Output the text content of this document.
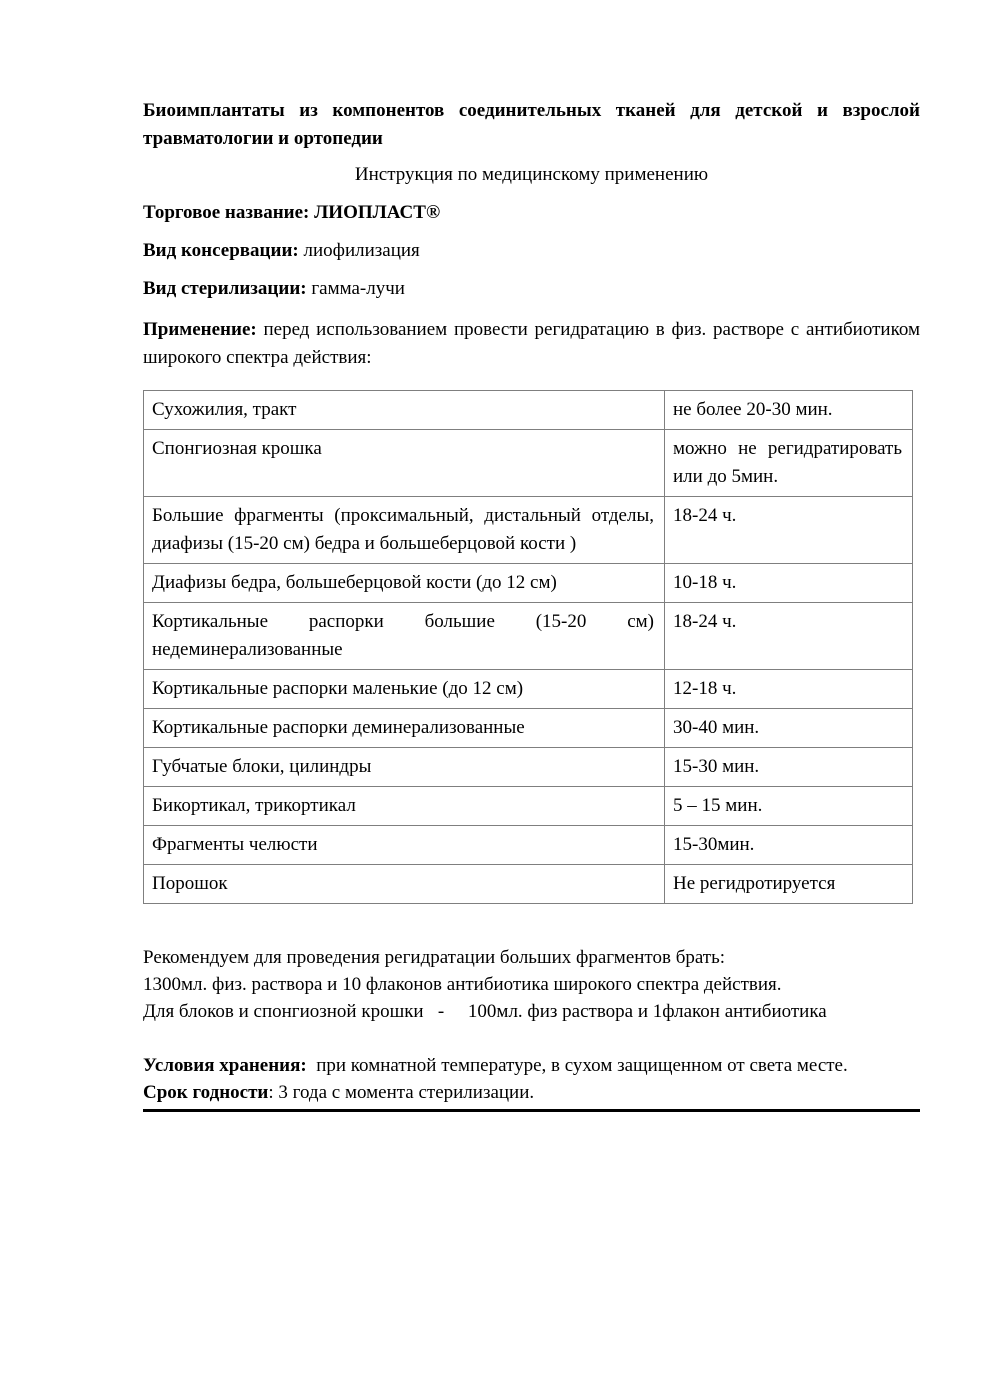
Биоимплантаты из компонентов соединительных тканей для детской и взрослой травматологии и ортопедии

Инструкция по медицинскому применению

Торговое название: ЛИОПЛАСТ®

Вид консервации: лиофилизация

Вид стерилизации: гамма-лучи

Применение: перед использованием провести регидратацию в физ. растворе с антибиотиком широкого спектра действия:

Сухожилия, тракт	не более 20-30 мин.
Спонгиозная крошка	можно не регидратировать или до 5мин.
Большие фрагменты (проксимальный, дистальный отделы, диафизы (15-20 см) бедра и большеберцовой кости )	18-24 ч.
Диафизы бедра, большеберцовой кости (до 12 см)	10-18 ч.
Кортикальные распорки большие (15-20 см) недеминерализованные	18-24 ч.
Кортикальные распорки маленькие (до 12 см)	12-18 ч.
Кортикальные распорки деминерализованные	30-40 мин.
Губчатые блоки, цилиндры	15-30 мин.
Бикортикал, трикортикал	5 – 15 мин.
Фрагменты челюсти	15-30мин.
Порошок	Не регидротируется

Рекомендуем для проведения регидратации больших фрагментов брать:
1300мл. физ. раствора и 10 флаконов антибиотика широкого спектра действия.
Для блоков и спонгиозной крошки   -     100мл. физ раствора и 1флакон антибиотика

Условия хранения:  при комнатной температуре, в сухом защищенном от света месте.
Срок годности: 3 года с момента стерилизации.
